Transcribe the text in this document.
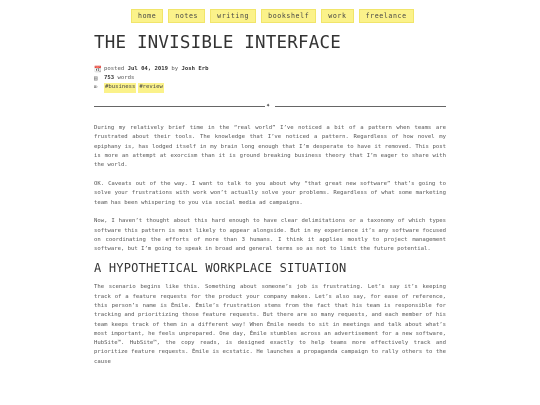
home	notes	writing	bookshelf	work	freelance
THE INVISIBLE INTERFACE
📆 posted
Jul 04, 2019
by
Josh Erb
▤	753
words
⌦	#business #review
✦

During my relatively brief time in the “real world” I’ve noticed a bit of a pattern when teams are frustrated about their tools. The knowledge that I’ve noticed a pattern. Regardless of how novel my epiphany is, has lodged itself in my brain long enough that I’m desperate to have it removed. This post is more an attempt at exorcism than it is ground breaking business theory that I’m eager to share with the world.

OK. Caveats out of the way. I want to talk to you about why “that great new software” that’s going to solve your frustrations with work won’t actually solve your problems. Regardless of what some marketing team has been whispering to you via social media ad campaigns.

Now, I haven’t thought about this hard enough to have clear delimitations or a taxonomy of which types software this pattern is most likely to appear alongside. But in my experience it’s any software focused on coordinating the efforts of more than 3 humans. I think it applies mostly to project management software, but I’m going to speak in broad and general terms so as not to limit the future potential.

A HYPOTHETICAL WORKPLACE SITUATION

The scenario begins like this. Something about someone’s job is frustrating. Let’s say it’s keeping track of a feature requests for the product your company makes. Let’s also say, for ease of reference, this person’s name is Émile. Émile’s frustration stems from the fact that his team is responsible for tracking and prioritizing those feature requests. But there are so many requests, and each member of his team keeps track of them in a different way! When Émile needs to sit in meetings and talk about what’s most important, he feels unprepared. One day, Émile stumbles across an advertisement for a new software, HubSite™. HubSite™, the copy reads, is designed exactly to help teams more effectively track and prioritize feature requests. Émile is ecstatic. He launches a propaganda campaign to rally others to the cause
